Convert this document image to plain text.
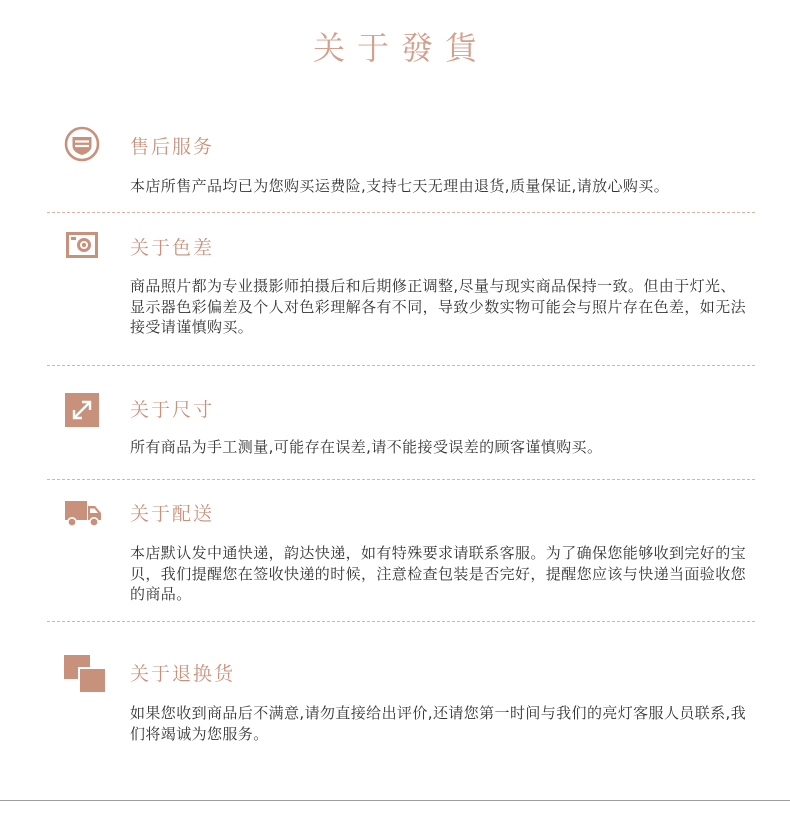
关于發貨
售后服务
本店所售产品均已为您购买运费险,支持七天无理由退货,质量保证,请放心购买。
关于色差
商品照片都为专业摄影师拍摄后和后期修正调整,尽量与现实商品保持一致。但由于灯光、显示器色彩偏差及个人对色彩理解各有不同，导致少数实物可能会与照片存在色差，如无法接受请谨慎购买。
关于尺寸
所有商品为手工测量,可能存在误差,请不能接受误差的顾客谨慎购买。
关于配送
本店默认发中通快递，韵达快递，如有特殊要求请联系客服。为了确保您能够收到完好的宝贝，我们提醒您在签收快递的时候，注意检查包装是否完好，提醒您应该与快递当面验收您的商品。
关于退换货
如果您收到商品后不满意,请勿直接给出评价,还请您第一时间与我们的亮灯客服人员联系,我们将竭诚为您服务。
